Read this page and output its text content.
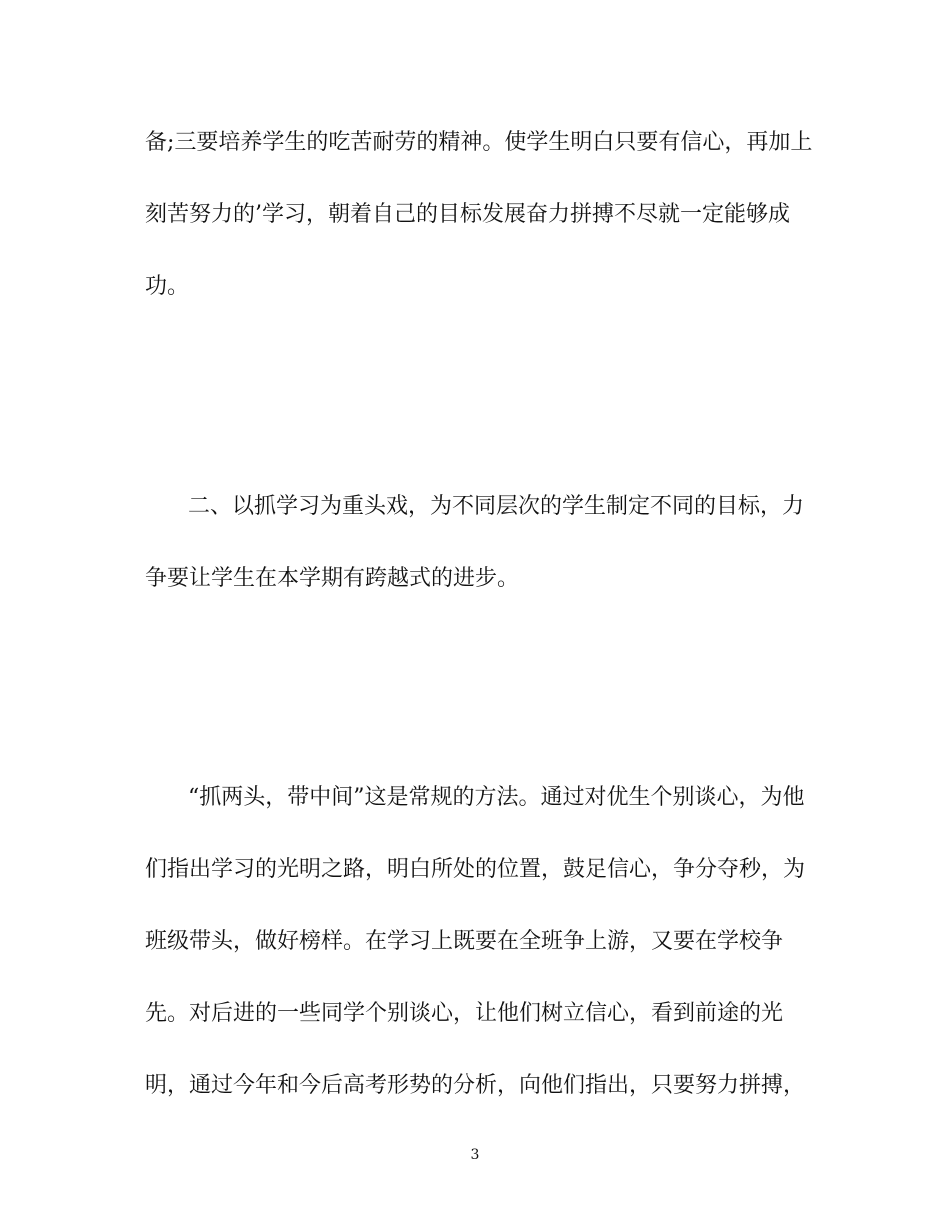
备;三要培养学生的吃苦耐劳的精神。使学生明白只要有信心，再加上
刻苦努力的’学习，朝着自己的目标发展奋力拼搏不尽就一定能够成
功。
二、以抓学习为重头戏，为不同层次的学生制定不同的目标，力
争要让学生在本学期有跨越式的进步。
“抓两头，带中间”这是常规的方法。通过对优生个别谈心，为他
们指出学习的光明之路，明白所处的位置，鼓足信心，争分夺秒，为
班级带头，做好榜样。在学习上既要在全班争上游，又要在学校争
先。对后进的一些同学个别谈心，让他们树立信心，看到前途的光
明，通过今年和今后高考形势的分析，向他们指出，只要努力拼搏，
3
